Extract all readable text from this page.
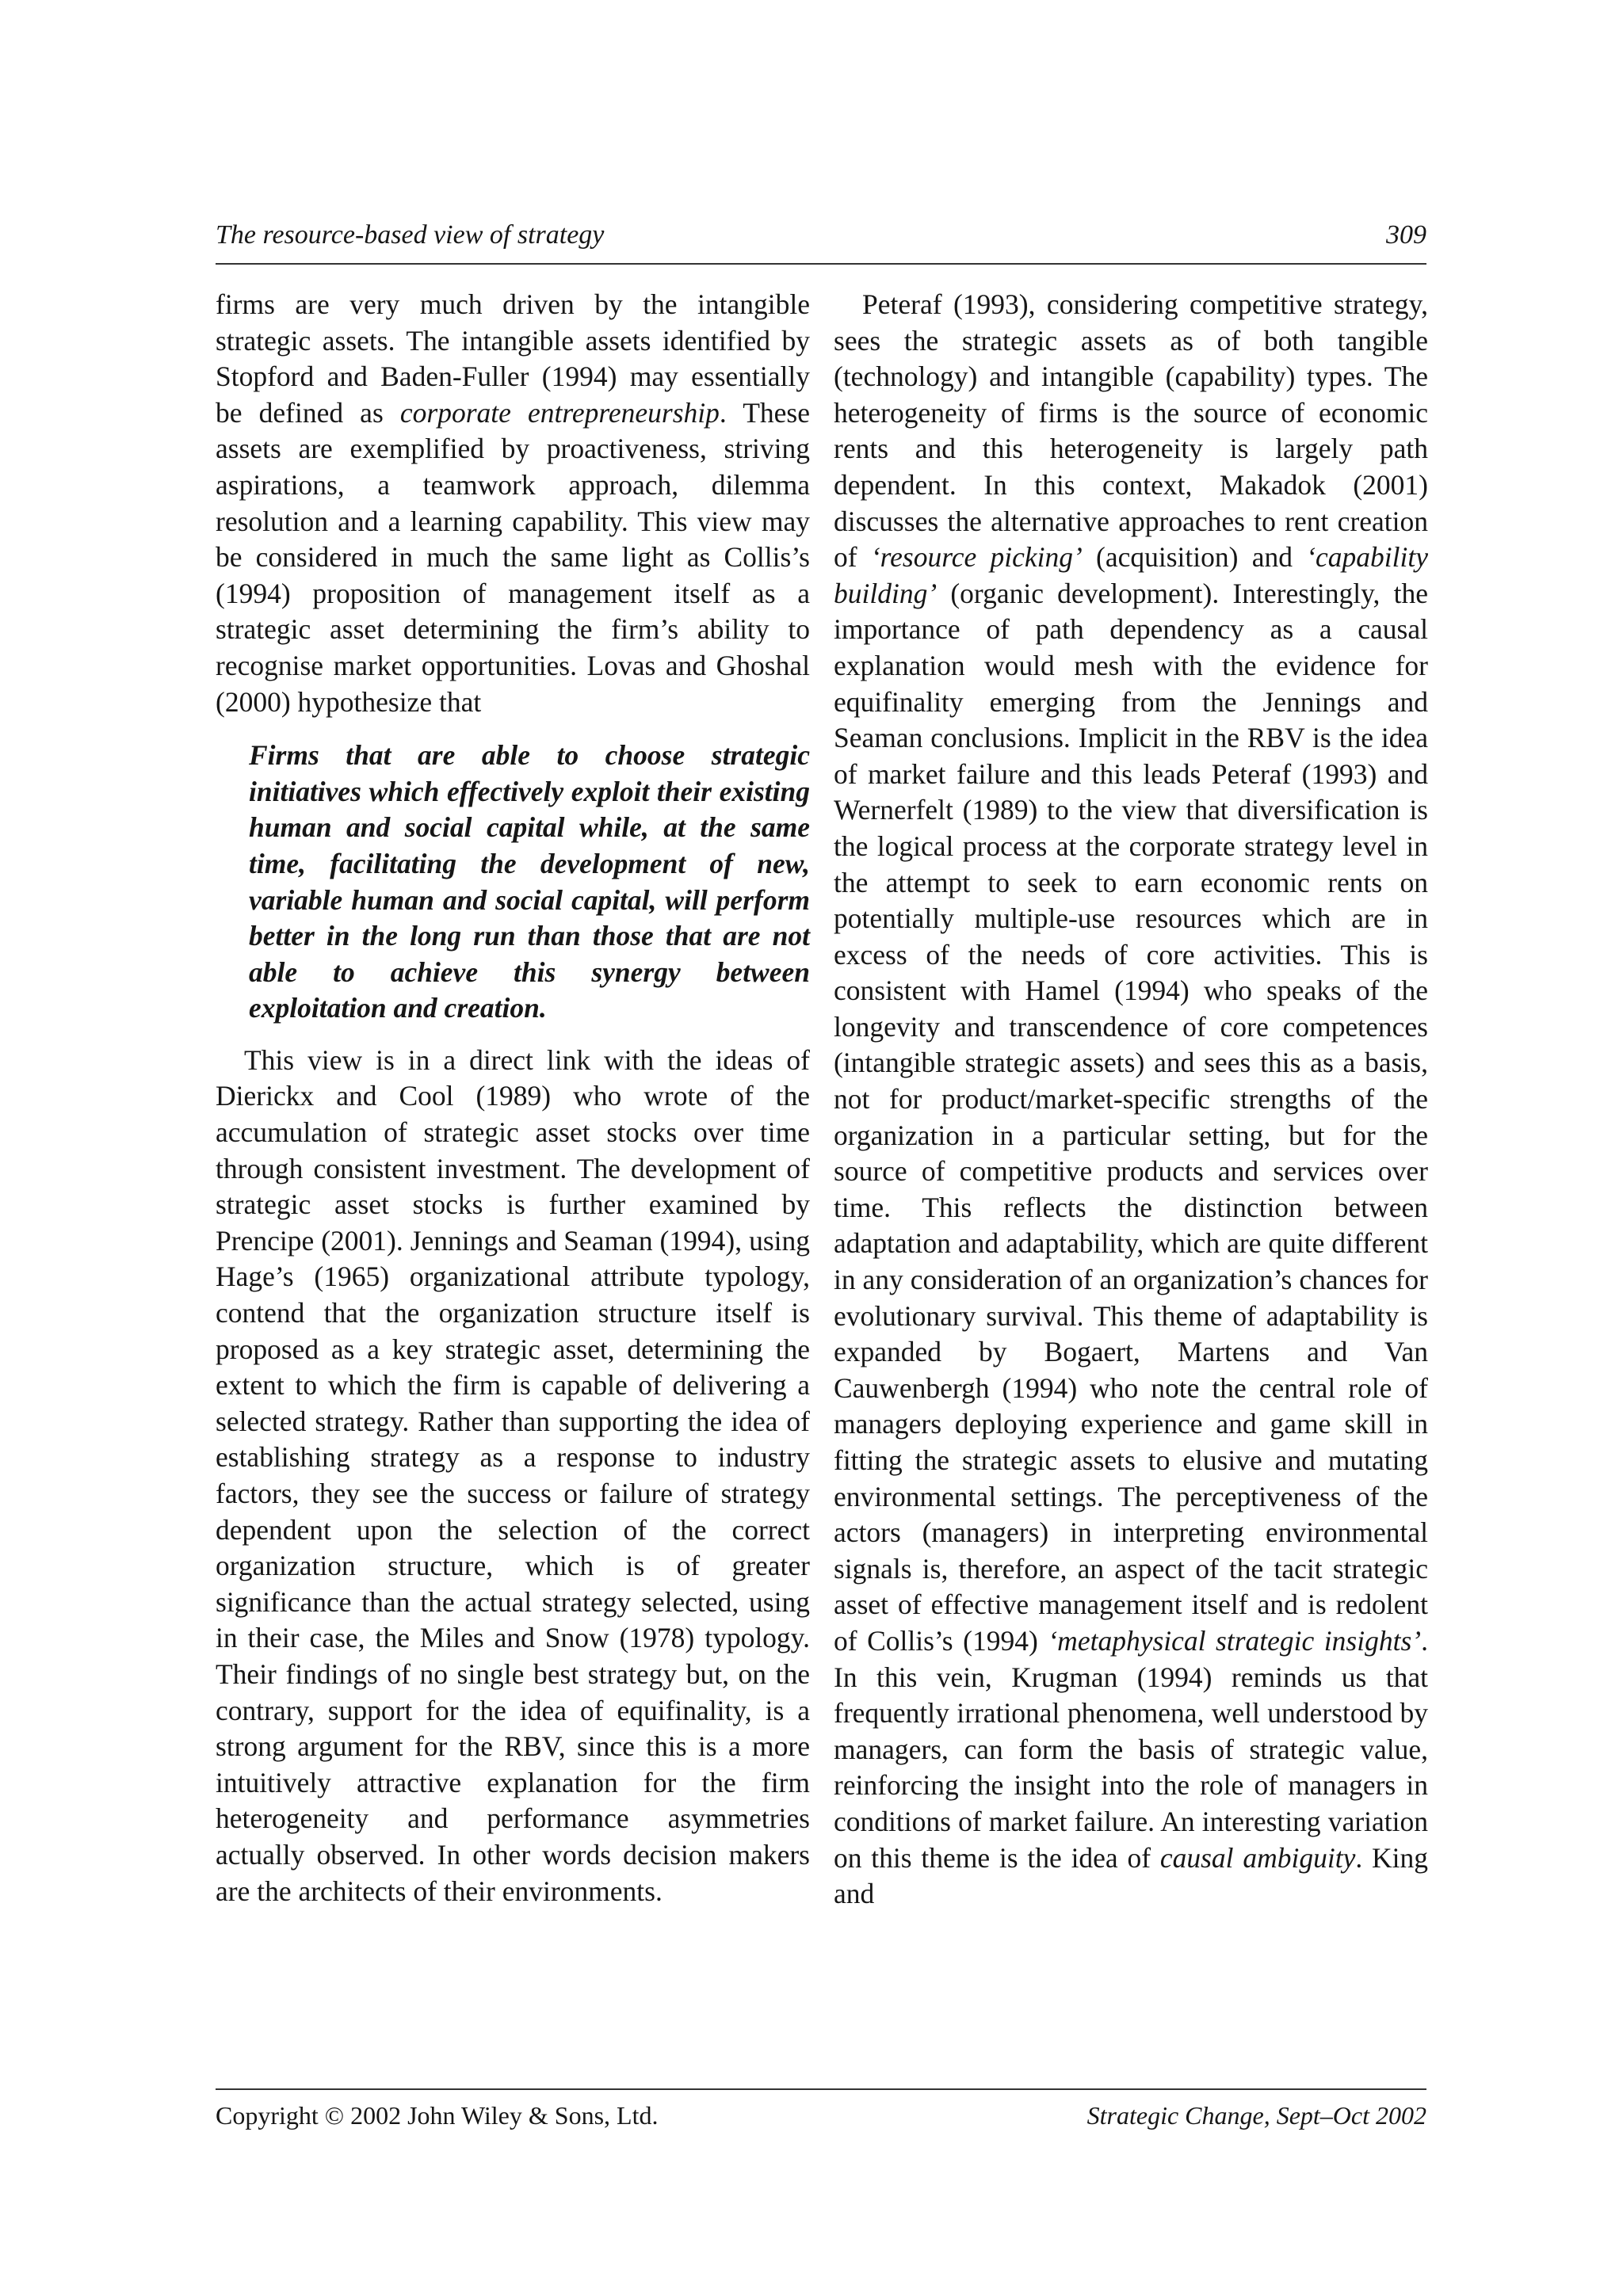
The resource-based view of strategy	309

firms are very much driven by the intangible strategic assets. The intangible assets identified by Stopford and Baden-Fuller (1994) may essentially be defined as corporate entrepreneurship. These assets are exemplified by proactiveness, striving aspirations, a teamwork approach, dilemma resolution and a learning capability. This view may be considered in much the same light as Collis’s (1994) proposition of management itself as a strategic asset determining the firm’s ability to recognise market opportunities. Lovas and Ghoshal (2000) hypothesize that

Firms that are able to choose strategic initiatives which effectively exploit their existing human and social capital while, at the same time, facilitating the development of new, variable human and social capital, will perform better in the long run than those that are not able to achieve this synergy between exploitation and creation.

This view is in a direct link with the ideas of Dierickx and Cool (1989) who wrote of the accumulation of strategic asset stocks over time through consistent investment. The development of strategic asset stocks is further examined by Prencipe (2001). Jennings and Seaman (1994), using Hage’s (1965) organizational attribute typology, contend that the organization structure itself is proposed as a key strategic asset, determining the extent to which the firm is capable of delivering a selected strategy. Rather than supporting the idea of establishing strategy as a response to industry factors, they see the success or failure of strategy dependent upon the selection of the correct organization structure, which is of greater significance than the actual strategy selected, using in their case, the Miles and Snow (1978) typology. Their findings of no single best strategy but, on the contrary, support for the idea of equifinality, is a strong argument for the RBV, since this is a more intuitively attractive explanation for the firm heterogeneity and performance asymmetries actually observed. In other words decision makers are the architects of their environments.

Peteraf (1993), considering competitive strategy, sees the strategic assets as of both tangible (technology) and intangible (capability) types. The heterogeneity of firms is the source of economic rents and this heterogeneity is largely path dependent. In this context, Makadok (2001) discusses the alternative approaches to rent creation of ‘resource picking’ (acquisition) and ‘capability building’ (organic development). Interestingly, the importance of path dependency as a causal explanation would mesh with the evidence for equifinality emerging from the Jennings and Seaman conclusions. Implicit in the RBV is the idea of market failure and this leads Peteraf (1993) and Wernerfelt (1989) to the view that diversification is the logical process at the corporate strategy level in the attempt to seek to earn economic rents on potentially multiple-use resources which are in excess of the needs of core activities. This is consistent with Hamel (1994) who speaks of the longevity and transcendence of core competences (intangible strategic assets) and sees this as a basis, not for product/market-specific strengths of the organization in a particular setting, but for the source of competitive products and services over time. This reflects the distinction between adaptation and adaptability, which are quite different in any consideration of an organization’s chances for evolutionary survival. This theme of adaptability is expanded by Bogaert, Martens and Van Cauwenbergh (1994) who note the central role of managers deploying experience and game skill in fitting the strategic assets to elusive and mutating environmental settings. The perceptiveness of the actors (managers) in interpreting environmental signals is, therefore, an aspect of the tacit strategic asset of effective management itself and is redolent of Collis’s (1994) ‘metaphysical strategic insights’. In this vein, Krugman (1994) reminds us that frequently irrational phenomena, well understood by managers, can form the basis of strategic value, reinforcing the insight into the role of managers in conditions of market failure. An interesting variation on this theme is the idea of causal ambiguity. King and

Copyright © 2002 John Wiley & Sons, Ltd.	Strategic Change, Sept–Oct 2002
